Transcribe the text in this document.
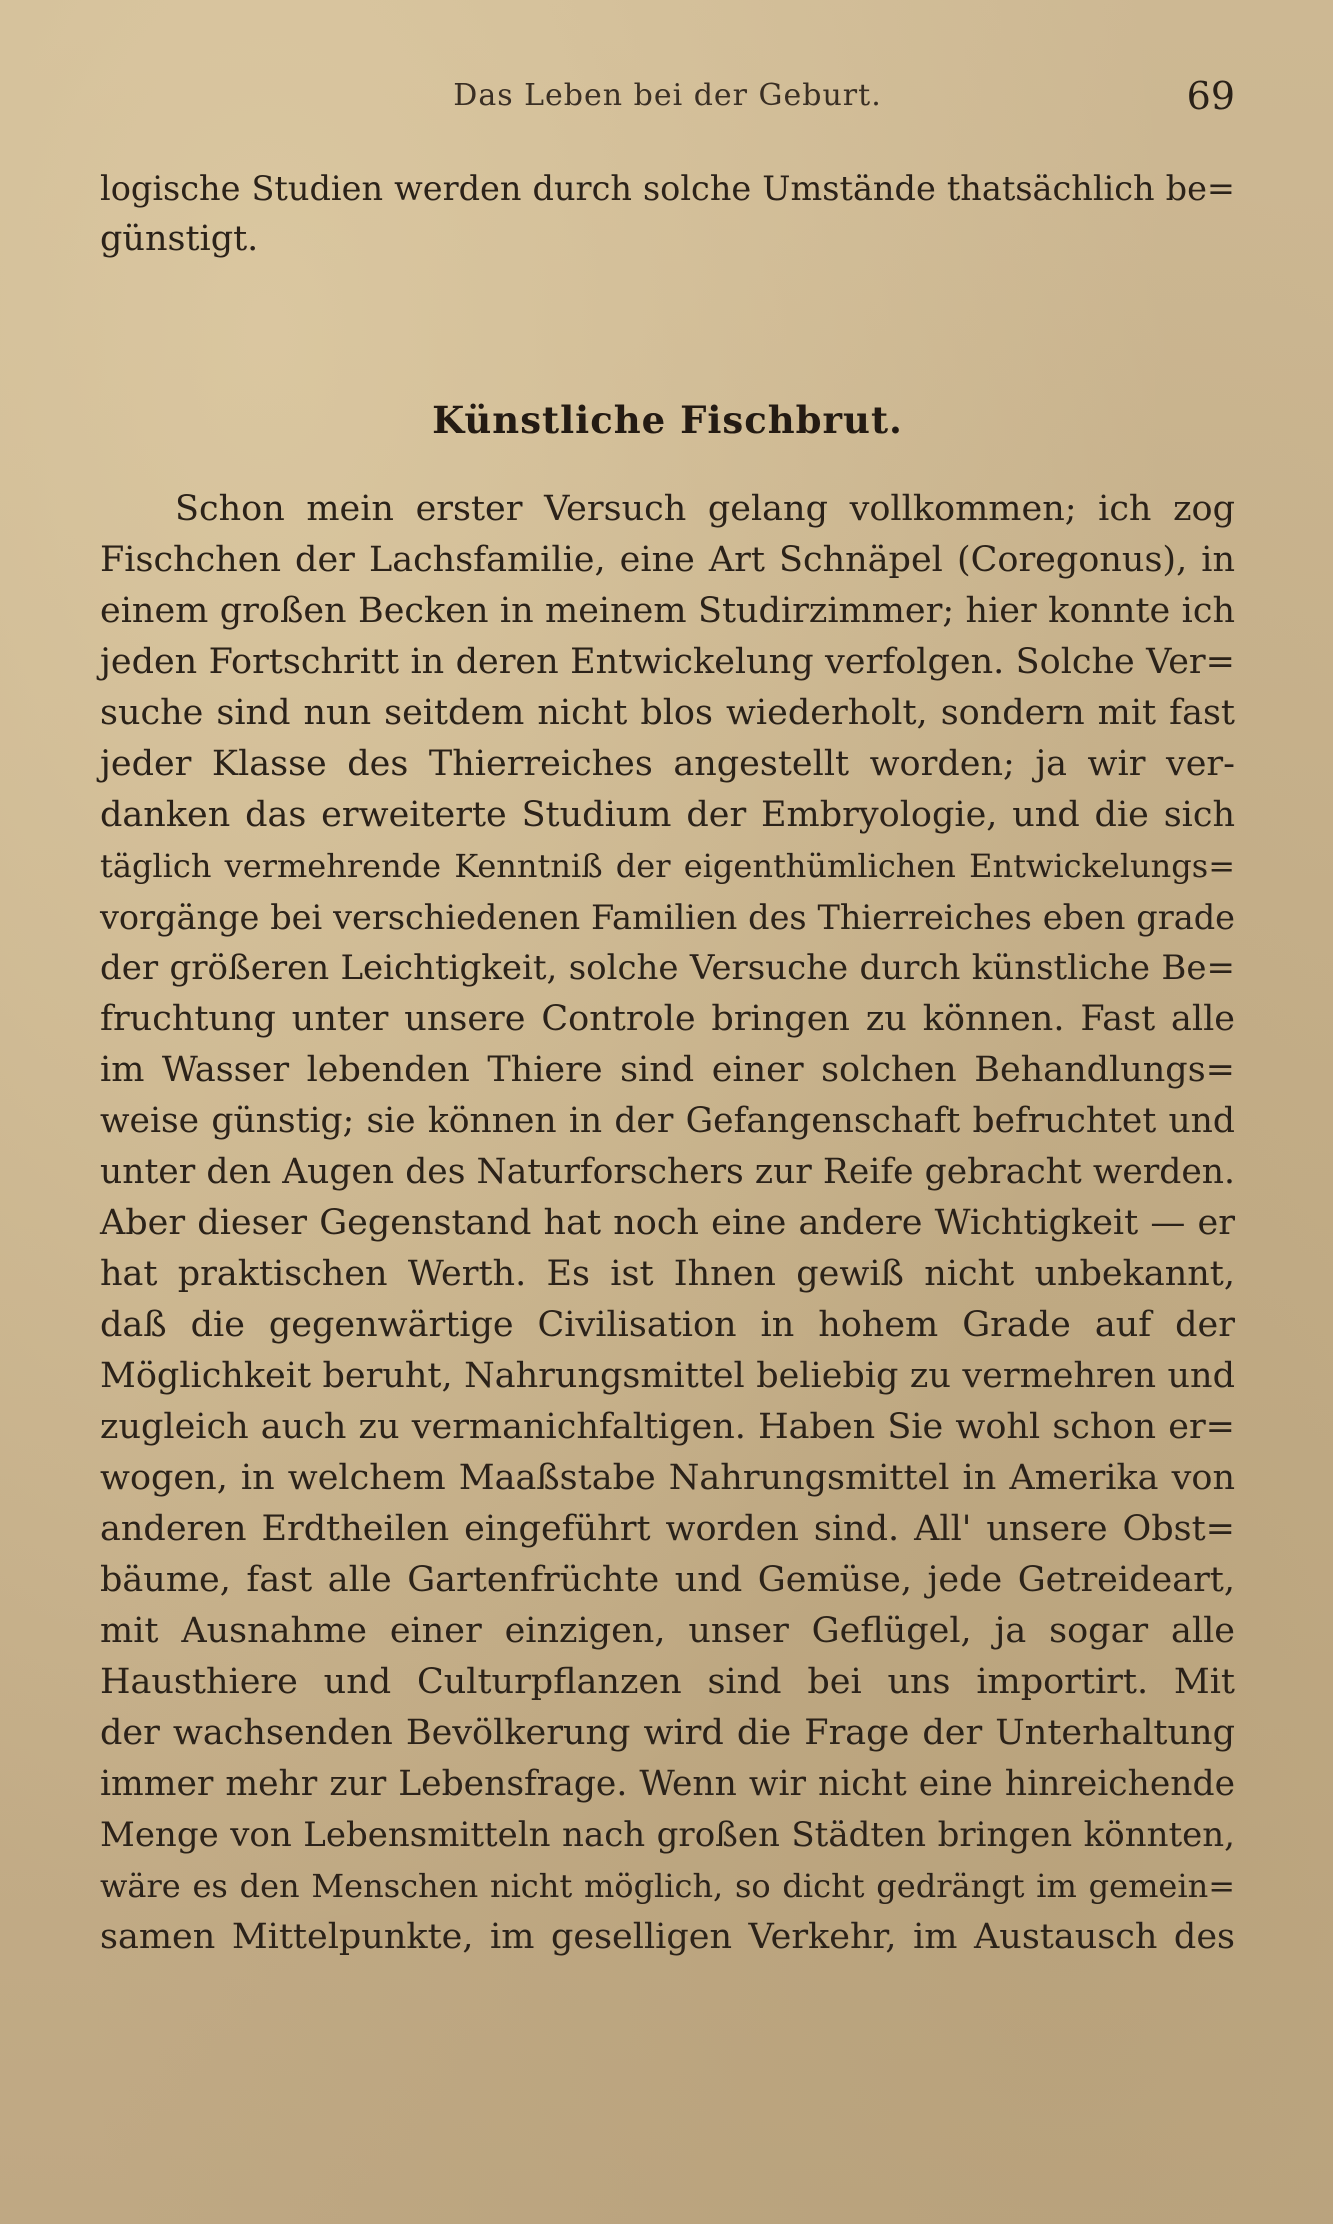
Das Leben bei der Geburt.	69
logische Studien werden durch solche Umstände thatsächlich be=
günstigt.
Künstliche Fischbrut.
Schon mein erster Versuch gelang vollkommen; ich zog
Fischchen der Lachsfamilie, eine Art Schnäpel (Coregonus), in
einem großen Becken in meinem Studirzimmer; hier konnte ich
jeden Fortschritt in deren Entwickelung verfolgen. Solche Ver=
suche sind nun seitdem nicht blos wiederholt, sondern mit fast
jeder Klasse des Thierreiches angestellt worden; ja wir ver-
danken das erweiterte Studium der Embryologie, und die sich
täglich vermehrende Kenntniß der eigenthümlichen Entwickelungs=
vorgänge bei verschiedenen Familien des Thierreiches eben grade
der größeren Leichtigkeit, solche Versuche durch künstliche Be=
fruchtung unter unsere Controle bringen zu können. Fast alle
im Wasser lebenden Thiere sind einer solchen Behandlungs=
weise günstig; sie können in der Gefangenschaft befruchtet und
unter den Augen des Naturforschers zur Reife gebracht werden.
Aber dieser Gegenstand hat noch eine andere Wichtigkeit — er
hat praktischen Werth. Es ist Ihnen gewiß nicht unbekannt,
daß die gegenwärtige Civilisation in hohem Grade auf der
Möglichkeit beruht, Nahrungsmittel beliebig zu vermehren und
zugleich auch zu vermanichfaltigen. Haben Sie wohl schon er=
wogen, in welchem Maaßstabe Nahrungsmittel in Amerika von
anderen Erdtheilen eingeführt worden sind. All' unsere Obst=
bäume, fast alle Gartenfrüchte und Gemüse, jede Getreideart,
mit Ausnahme einer einzigen, unser Geflügel, ja sogar alle
Hausthiere und Culturpflanzen sind bei uns importirt. Mit
der wachsenden Bevölkerung wird die Frage der Unterhaltung
immer mehr zur Lebensfrage. Wenn wir nicht eine hinreichende
Menge von Lebensmitteln nach großen Städten bringen könnten,
wäre es den Menschen nicht möglich, so dicht gedrängt im gemein=
samen Mittelpunkte, im geselligen Verkehr, im Austausch des
